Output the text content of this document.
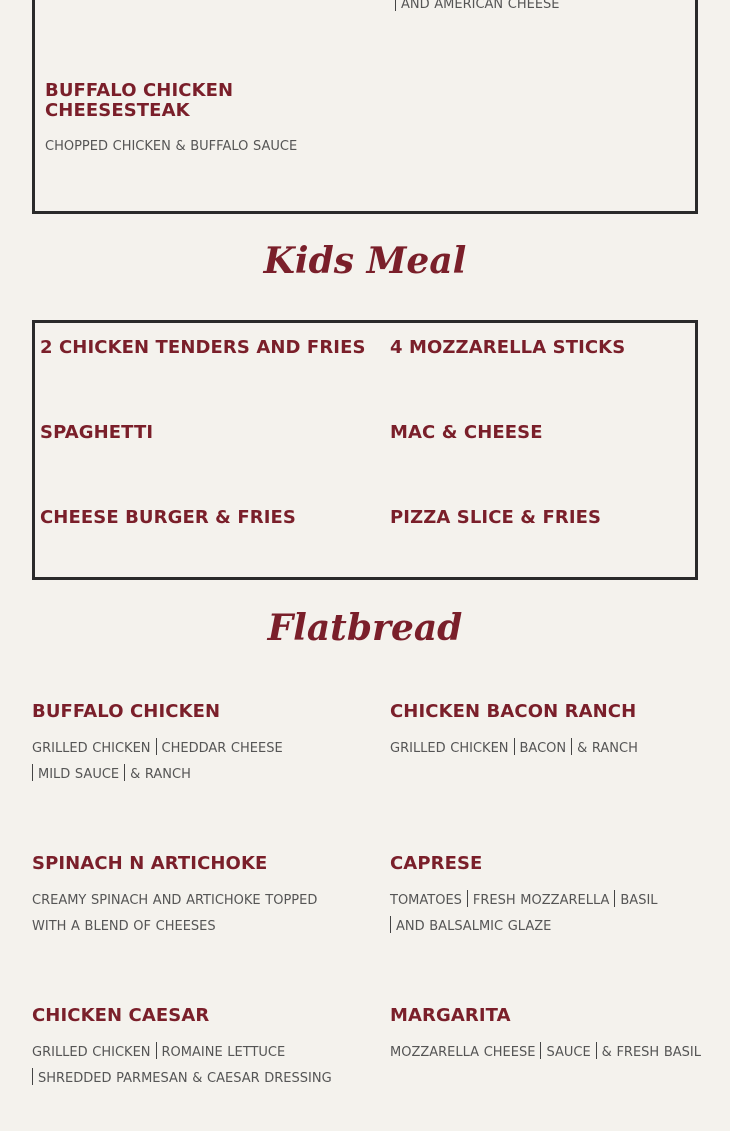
AND AMERICAN CHEESE

BUFFALO CHICKEN
CHEESESTEAK

CHOPPED CHICKEN & BUFFALO SAUCE

Kids Meal

2 CHICKEN TENDERS AND FRIES 4 MOZZARELLA STICKS

SPAGHETTI	MAC & CHEESE

CHEESE BURGER & FRIES	PIZZA SLICE & FRIES

Flatbread

BUFFALO CHICKEN

GRILLED CHICKEN CHEDDAR CHEESE
MILD SAUCE & RANCH

CHICKEN BACON RANCH

GRILLED CHICKEN BACON & RANCH

SPINACH N ARTICHOKE

CREAMY SPINACH AND ARTICHOKE TOPPED
WITH A BLEND OF CHEESES

CAPRESE

TOMATOES FRESH MOZZARELLA BASIL
AND BALSALMIC GLAZE

CHICKEN CAESAR

GRILLED CHICKEN ROMAINE LETTUCE
SHREDDED PARMESAN & CAESAR DRESSING

MARGARITA

MOZZARELLA CHEESE SAUCE & FRESH BASIL
